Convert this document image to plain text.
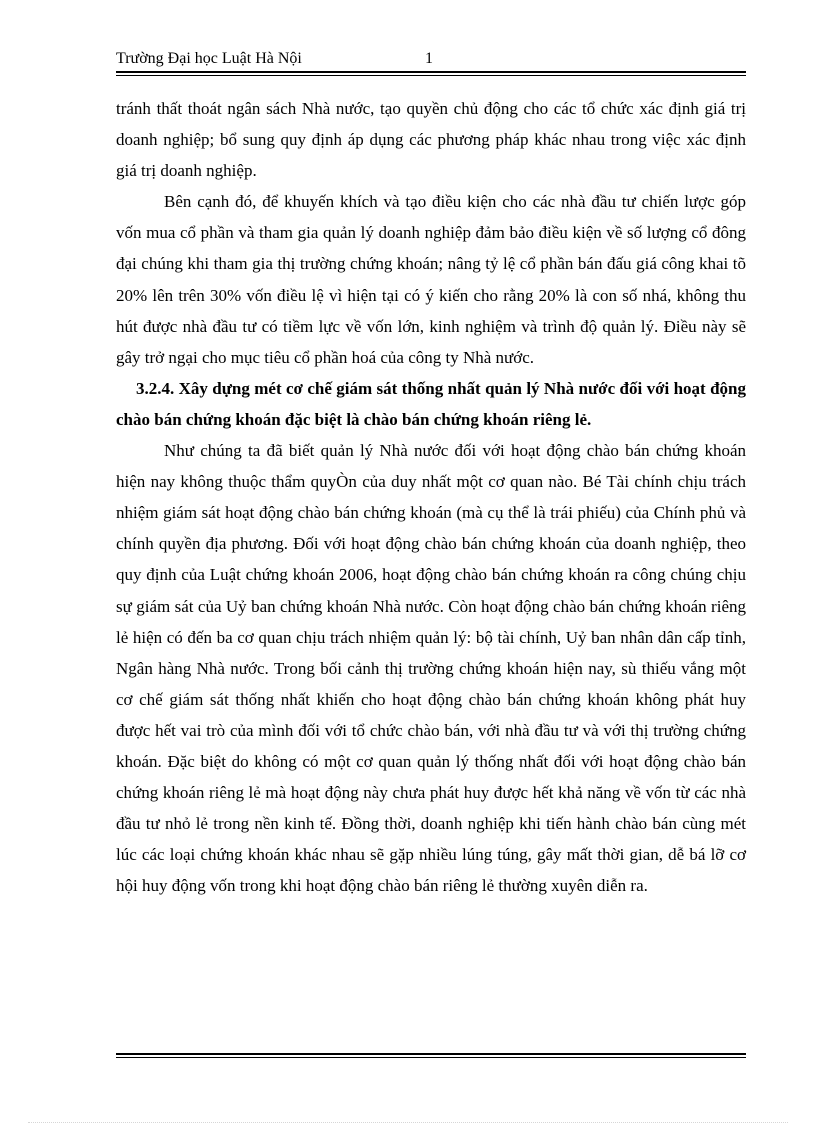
Trường Đại học Luật Hà Nội	1

tránh thất thoát ngân sách Nhà nước, tạo quyền chủ động cho các tổ chức xác định giá trị doanh nghiệp; bổ sung quy định áp dụng các phương pháp khác nhau trong việc xác định giá trị doanh nghiệp.

Bên cạnh đó, để khuyến khích và tạo điều kiện cho các nhà đầu tư chiến lược góp vốn mua cổ phần và tham gia quản lý doanh nghiệp đảm bảo điều kiện về số lượng cổ đông đại chúng khi tham gia thị trường chứng khoán; nâng tỷ lệ cổ phần bán đấu giá công khai tõ 20% lên trên 30% vốn điều lệ vì hiện tại có ý kiến cho rằng 20% là con số nhá, không thu hút được nhà đầu tư có tiềm lực về vốn lớn, kinh nghiệm và trình độ quản lý. Điều này sẽ gây trở ngại cho mục tiêu cổ phần hoá của công ty Nhà nước.

3.2.4. Xây dựng mét cơ chế giám sát thống nhất quản lý Nhà nước đối với hoạt động chào bán chứng khoán đặc biệt là chào bán chứng khoán riêng lẻ.

Như chúng ta đã biết quản lý Nhà nước đối với hoạt động chào bán chứng khoán hiện nay không thuộc thẩm quyÒn của duy nhất một cơ quan nào. Bé Tài chính chịu trách nhiệm giám sát hoạt động chào bán chứng khoán (mà cụ thể là trái phiếu) của Chính phủ và chính quyền địa phương. Đối với hoạt động chào bán chứng khoán của doanh nghiệp, theo quy định của Luật chứng khoán 2006, hoạt động chào bán chứng khoán ra công chúng chịu sự giám sát của Uỷ ban chứng khoán Nhà nước. Còn hoạt động chào bán chứng khoán riêng lẻ hiện có đến ba cơ quan chịu trách nhiệm quản lý: bộ tài chính, Uỷ ban nhân dân cấp tỉnh, Ngân hàng Nhà nước. Trong bối cảnh thị trường chứng khoán hiện nay, sù thiếu vắng một cơ chế giám sát thống nhất khiến cho hoạt động chào bán chứng khoán không phát huy được hết vai trò của mình đối với tổ chức chào bán, với nhà đầu tư và với thị trường chứng khoán. Đặc biệt do không có một cơ quan quản lý thống nhất đối với hoạt động chào bán chứng khoán riêng lẻ mà hoạt động này chưa phát huy được hết khả năng về vốn từ các nhà đầu tư nhỏ lẻ trong nền kinh tế. Đồng thời, doanh nghiệp khi tiến hành chào bán cùng mét lúc các loại chứng khoán khác nhau sẽ gặp nhiều lúng túng, gây mất thời gian, dễ bá lỡ cơ hội huy động vốn trong khi hoạt động chào bán riêng lẻ thường xuyên diễn ra.
